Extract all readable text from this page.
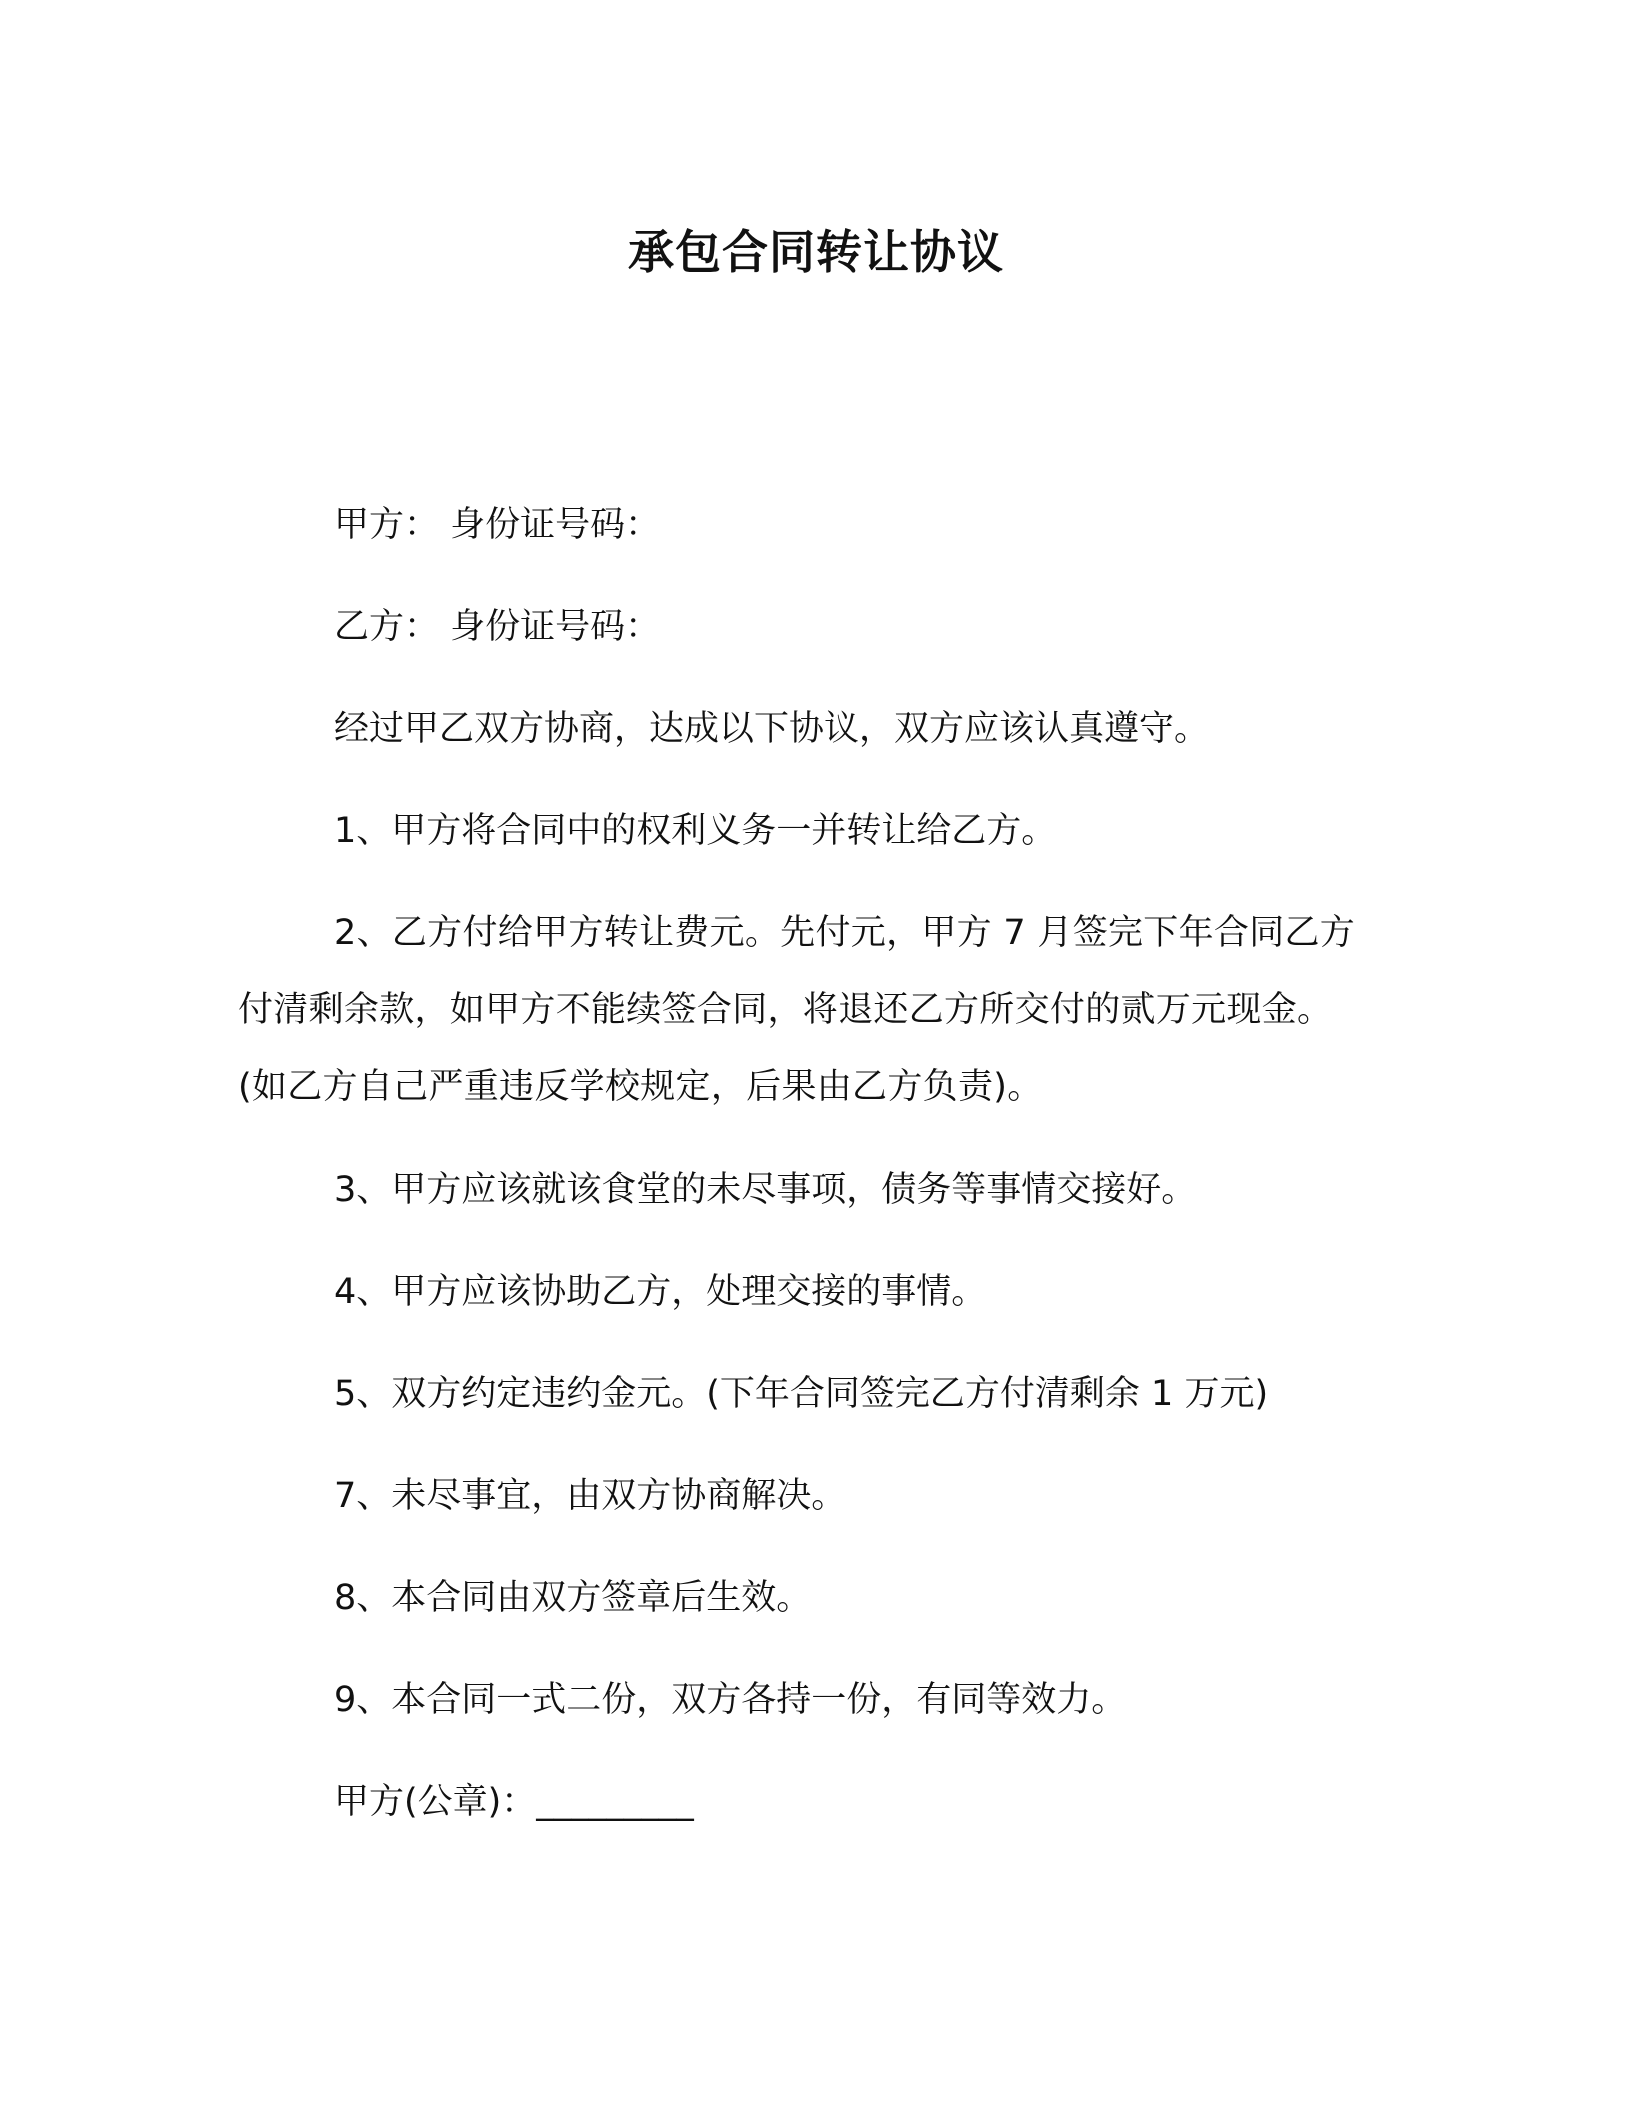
承包合同转让协议
甲方： 身份证号码：
乙方： 身份证号码：
经过甲乙双方协商，达成以下协议，双方应该认真遵守。
1、甲方将合同中的权利义务一并转让给乙方。
2、乙方付给甲方转让费元。先付元，甲方 7 月签完下年合同乙方付清剩余款，如甲方不能续签合同，将退还乙方所交付的贰万元现金。(如乙方自己严重违反学校规定，后果由乙方负责)。
3、甲方应该就该食堂的未尽事项，债务等事情交接好。
4、甲方应该协助乙方，处理交接的事情。
5、双方约定违约金元。(下年合同签完乙方付清剩余 1 万元)
7、未尽事宜，由双方协商解决。
8、本合同由双方签章后生效。
9、本合同一式二份，双方各持一份，有同等效力。
甲方(公章)：_________
